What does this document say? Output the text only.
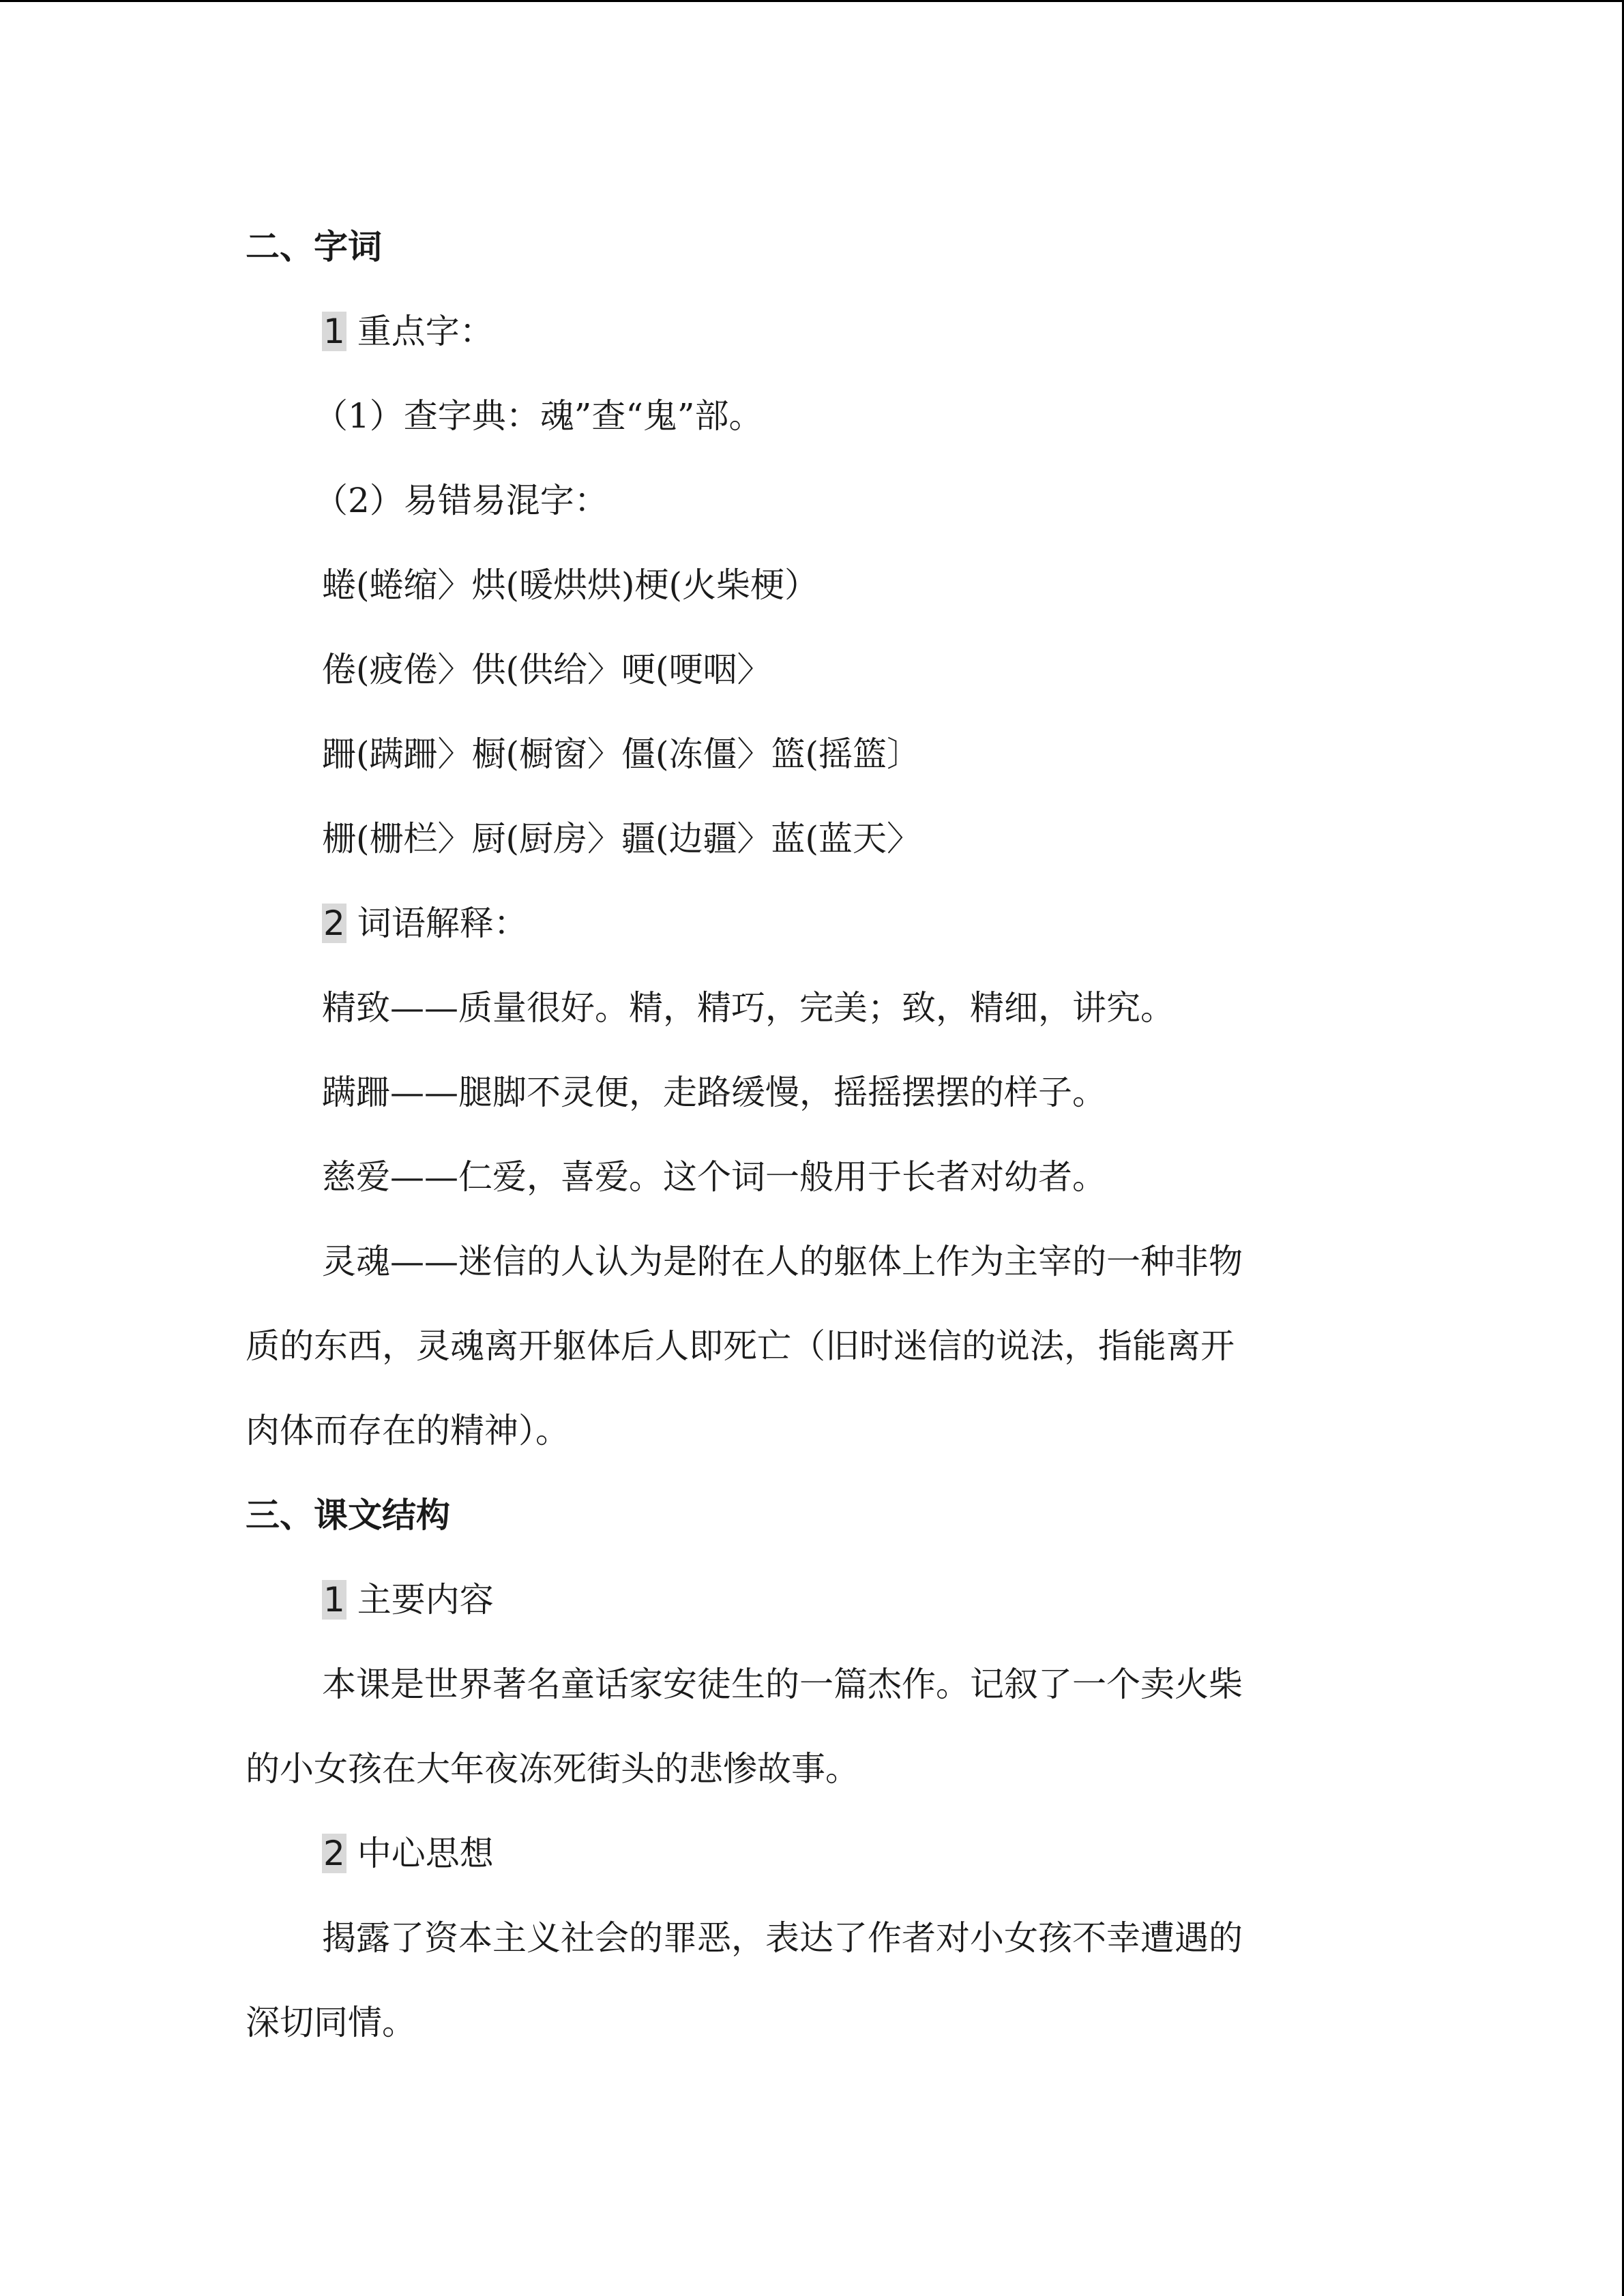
二、字词
1 重点字：
（1）查字典：魂”查“鬼”部。
（2）易错易混字：
蜷(蜷缩〉烘(暖烘烘)梗(火柴梗）
倦(疲倦〉供(供给〉哽(哽咽〉
跚(蹒跚〉橱(橱窗〉僵(冻僵〉篮(摇篮〕
栅(栅栏〉厨(厨房〉疆(边疆〉蓝(蓝天〉
2 词语解释：
精致——质量很好。精，精巧，完美；致，精细，讲究。
蹒跚——腿脚不灵便，走路缓慢，摇摇摆摆的样子。
慈爱——仁爱，喜爱。这个词一般用于长者对幼者。
灵魂——迷信的人认为是附在人的躯体上作为主宰的一种非物
质的东西，灵魂离开躯体后人即死亡（旧时迷信的说法，指能离开
肉体而存在的精神）。
三、课文结构
1 主要内容
本课是世界著名童话家安徒生的一篇杰作。记叙了一个卖火柴
的小女孩在大年夜冻死街头的悲惨故事。
2 中心思想
揭露了资本主义社会的罪恶，表达了作者对小女孩不幸遭遇的
深切同情。
